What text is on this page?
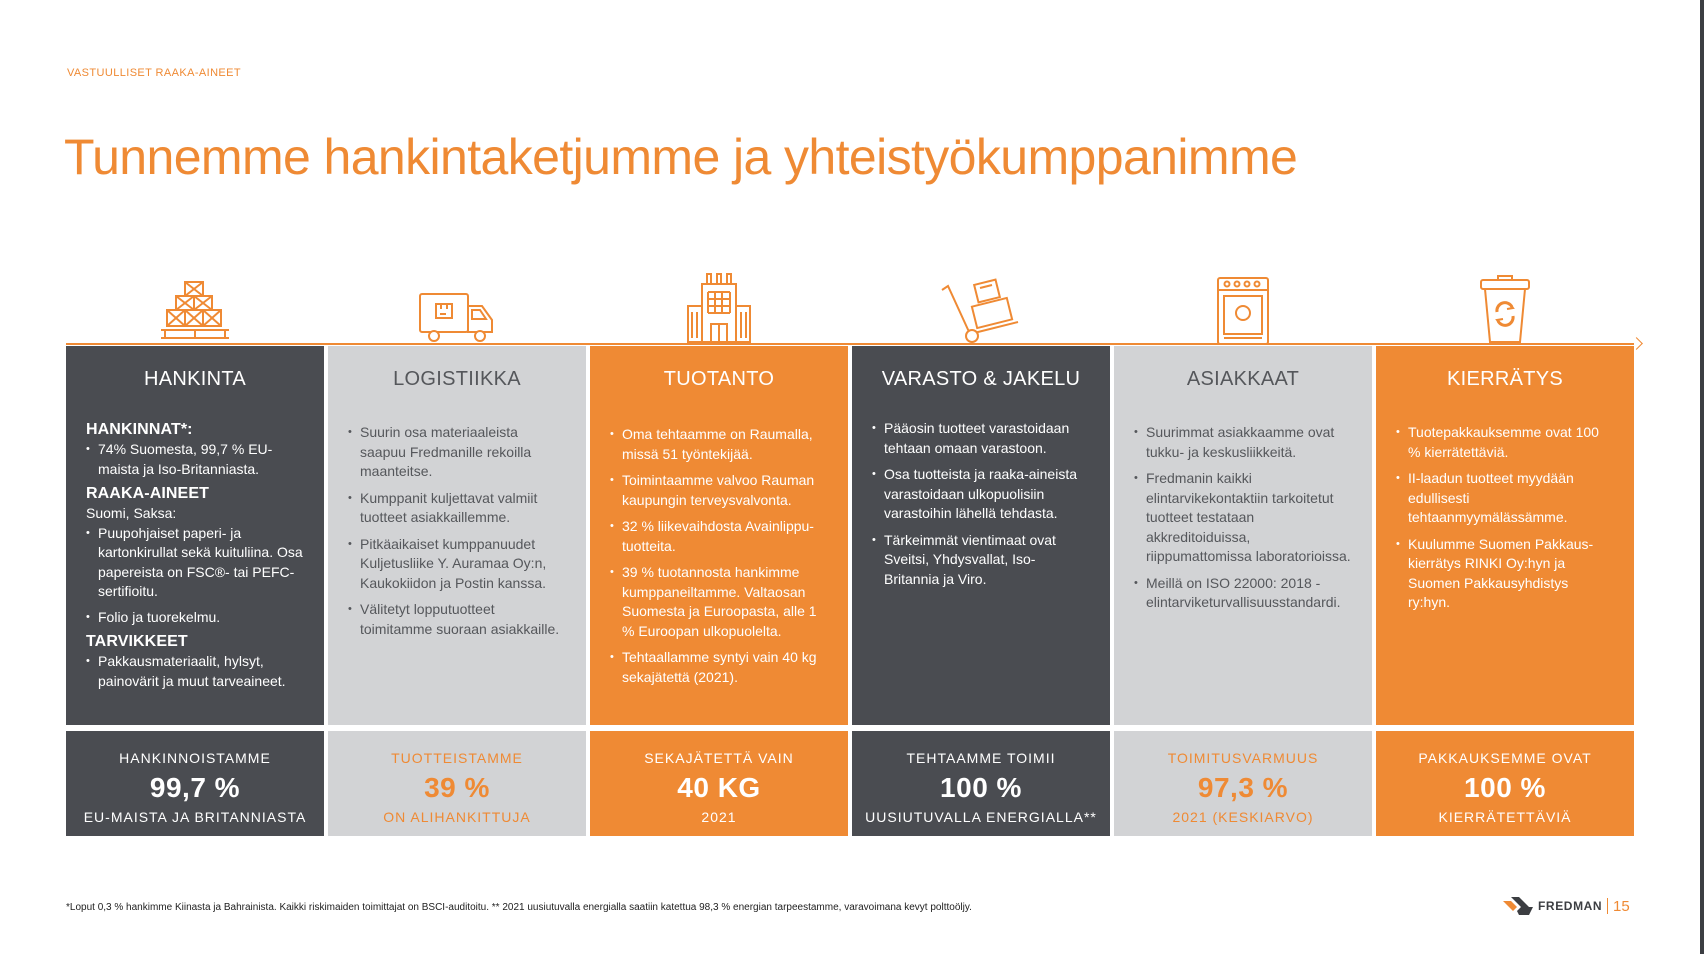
VASTUULLISET RAAKA-AINEET
Tunnemme hankintaketjumme ja yhteistyökumppanimme
HANKINTA
HANKINNAT*:
• 74% Suomesta, 99,7 % EU-maista ja Iso-Britanniasta.
RAAKA-AINEET
Suomi, Saksa:
• Puupohjaiset paperi- ja kartonkirullat sekä kuituliina. Osa papereista on FSC®- tai PEFC-sertifioitu.
• Folio ja tuorekelmu.
TARVIKKEET
• Pakkausmateriaalit, hylsyt, painovärit ja muut tarveaineet.
HANKINNOISTAMME
99,7 %
EU-MAISTA JA BRITANNIASTA
LOGISTIIKKA
• Suurin osa materiaaleista saapuu Fredmanille rekoilla maanteitse.
• Kumppanit kuljettavat valmiit tuotteet asiakkaillemme.
• Pitkäaikaiset kumppanuudet Kuljetusliike Y. Auramaa Oy:n, Kaukokiidon ja Postin kanssa.
• Välitetyt lopputuotteet toimitamme suoraan asiakkaille.
TUOTTEISTAMME
39 %
ON ALIHANKITTUJA
TUOTANTO
• Oma tehtaamme on Raumalla, missä 51 työntekijää.
• Toimintaamme valvoo Rauman kaupungin terveysvalvonta.
• 32 % liikevaihdosta Avainlippu-tuotteita.
• 39 % tuotannosta hankimme kumppaneiltamme. Valtaosan Suomesta ja Euroopasta, alle 1 % Euroopan ulkopuolelta.
• Tehtaallamme syntyi vain 40 kg sekajätettä (2021).
SEKAJÄTETTÄ VAIN
40 KG
2021
VARASTO & JAKELU
• Pääosin tuotteet varastoidaan tehtaan omaan varastoon.
• Osa tuotteista ja raaka-aineista varastoidaan ulkopuolisiin varastoihin lähellä tehdasta.
• Tärkeimmät vientimaat ovat Sveitsi, Yhdysvallat, Iso-Britannia ja Viro.
TEHTAAMME TOIMII
100 %
UUSIUTUVALLA ENERGIALLA**
ASIAKKAAT
• Suurimmat asiakkaamme ovat tukku- ja keskusliikkeitä.
• Fredmanin kaikki elintarvikekontaktiin tarkoitetut tuotteet testataan akkreditoiduissa, riippumattomissa laboratorioissa.
• Meillä on ISO 22000: 2018 -elintarviketurvallisuusstandardi.
TOIMITUSVARMUUS
97,3 %
2021 (KESKIARVO)
KIERRÄTYS
• Tuotepakkauksemme ovat 100 % kierrätettäviä.
• II-laadun tuotteet myydään edullisesti tehtaanmyymälässämme.
• Kuulumme Suomen Pakkaus-kierrätys RINKI Oy:hyn ja Suomen Pakkausyhdistys ry:hyn.
PAKKAUKSEMME OVAT
100 %
KIERRÄTETTÄVIÄ
*Loput 0,3 % hankimme Kiinasta ja Bahrainista. Kaikki riskimaiden toimittajat on BSCI-auditoitu. ** 2021 uusiutuvalla energialla saatiin katettua 98,3 % energian tarpeestamme, varavoimana kevyt polttoöljy.	FREDMAN 15
